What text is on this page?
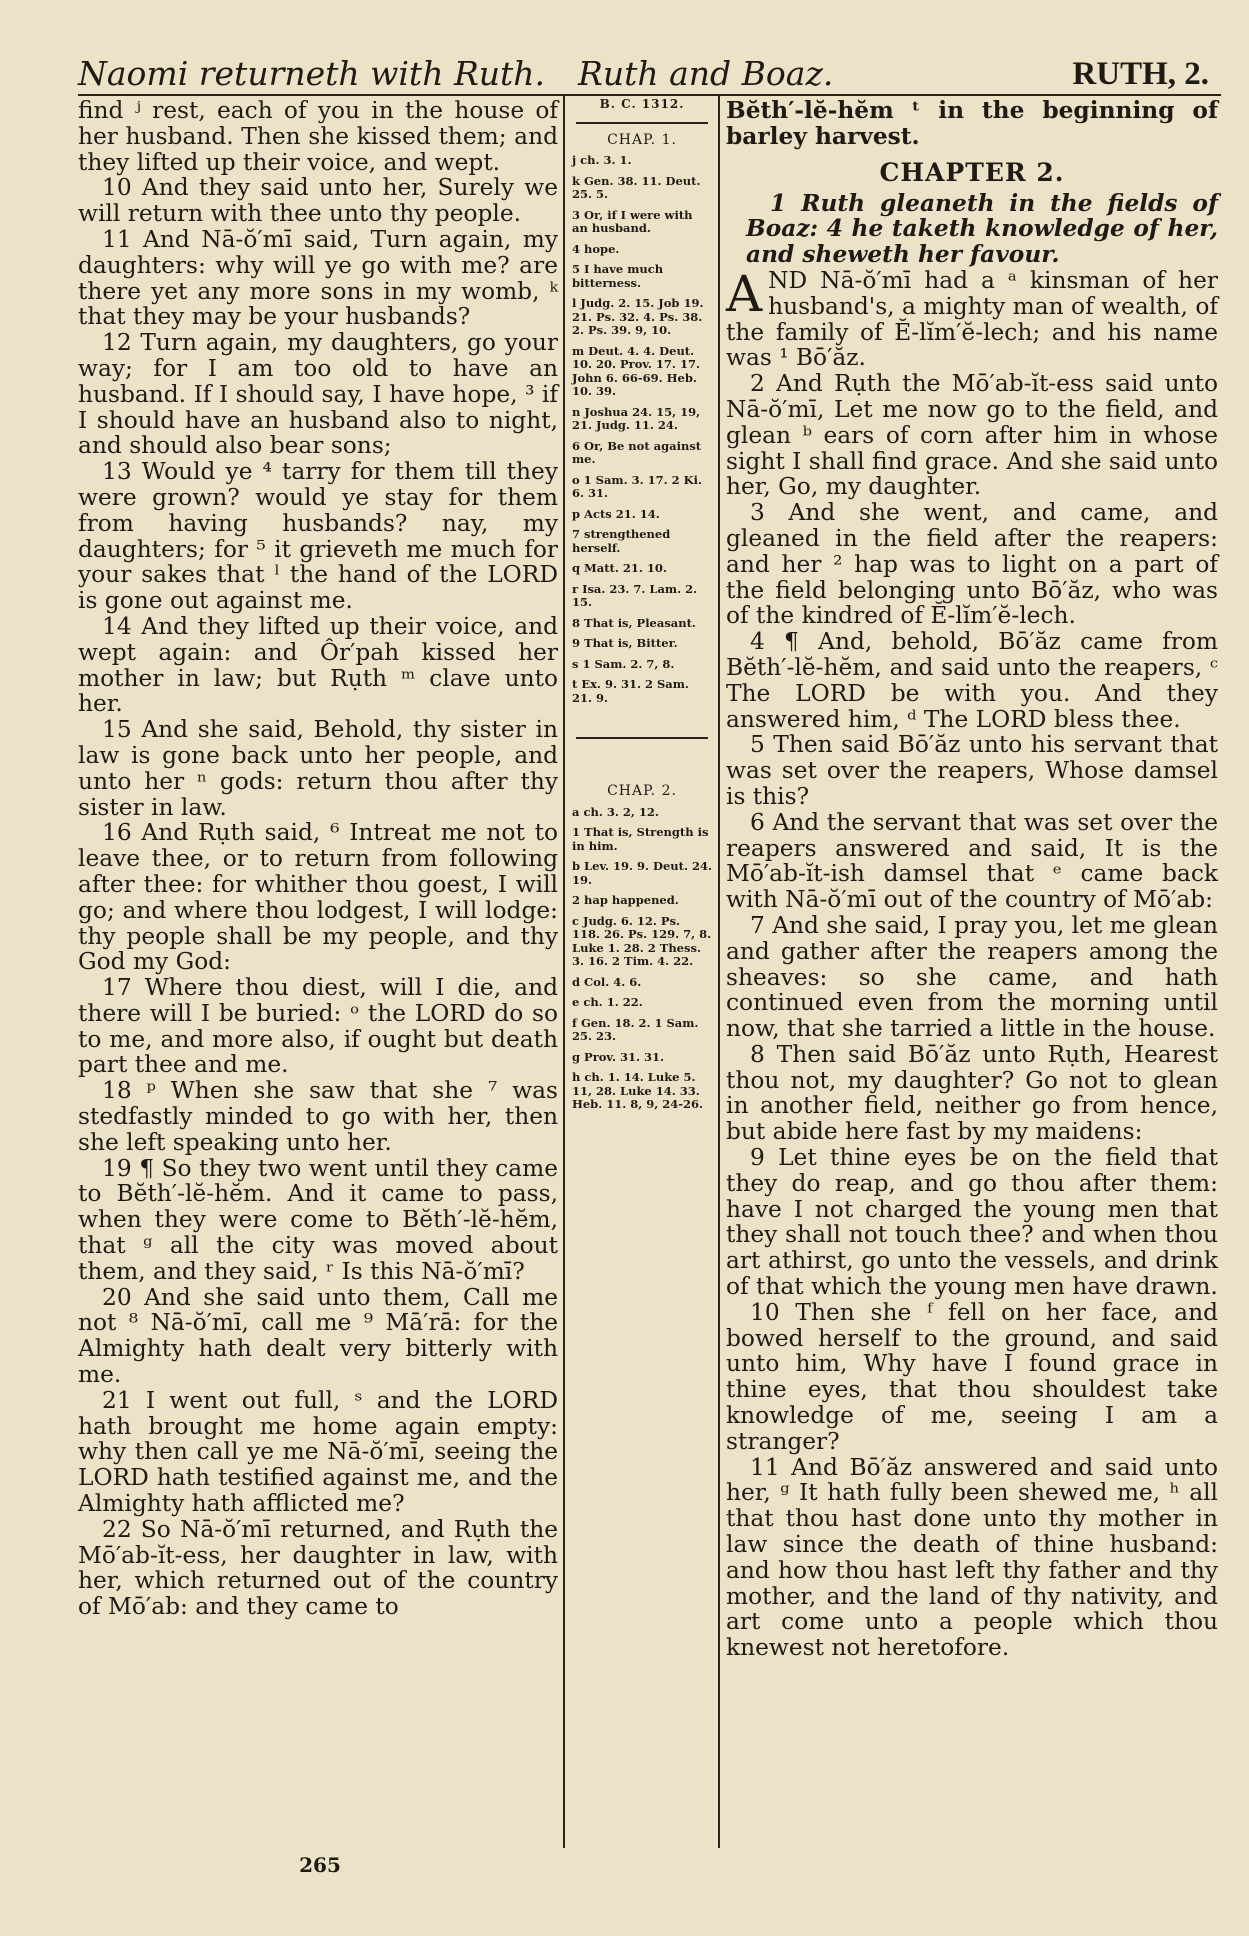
Naomi returneth with Ruth. Ruth and Boaz.	RUTH, 2.

find ʲ rest, each of you in the house of her husband. Then she kissed them; and they lifted up their voice, and wept.

10 And they said unto her, Surely we will return with thee unto thy people.

11 And Nā-ŏ′mī said, Turn again, my daughters: why will ye go with me? are there yet any more sons in my womb, ᵏ that they may be your husbands?

12 Turn again, my daughters, go your way; for I am too old to have an husband. If I should say, I have hope, ³ if I should have an husband also to night, and should also bear sons;

13 Would ye ⁴ tarry for them till they were grown? would ye stay for them from having husbands? nay, my daughters; for ⁵ it grieveth me much for your sakes that ˡ the hand of the LORD is gone out against me.

14 And they lifted up their voice, and wept again: and Ôr′pah kissed her mother in law; but Rụth ᵐ clave unto her.

15 And she said, Behold, thy sister in law is gone back unto her people, and unto her ⁿ gods: return thou after thy sister in law.

16 And Rụth said, ⁶ Intreat me not to leave thee, or to return from following after thee: for whither thou goest, I will go; and where thou lodgest, I will lodge: thy people shall be my people, and thy God my God:

17 Where thou diest, will I die, and there will I be buried: ᵒ the LORD do so to me, and more also, if ought but death part thee and me.

18 ᵖ When she saw that she ⁷ was stedfastly minded to go with her, then she left speaking unto her.

19 ¶ So they two went until they came to Bĕth′-lĕ-hĕm. And it came to pass, when they were come to Bĕth′-lĕ-hĕm, that ᵍ all the city was moved about them, and they said, ʳ Is this Nā-ŏ′mī?

20 And she said unto them, Call me not ⁸ Nā-ŏ′mī, call me ⁹ Mā′rā: for the Almighty hath dealt very bitterly with me.

21 I went out full, ˢ and the LORD hath brought me home again empty: why then call ye me Nā-ŏ′mī, seeing the LORD hath testified against me, and the Almighty hath afflicted me?

22 So Nā-ŏ′mī returned, and Rụth the Mō′ab-ĭt-ess, her daughter in law, with her, which returned out of the country of Mō′ab: and they came to

B. C. 1312.
CHAP. 1.
j ch. 3. 1.
k Gen. 38. 11. Deut. 25. 5.
3 Or, if I were with an husband.
4 hope.
5 I have much bitterness.
l Judg. 2. 15. Job 19. 21. Ps. 32. 4. Ps. 38. 2. Ps. 39. 9, 10.
m Deut. 4. 4. Deut. 10. 20. Prov. 17. 17. John 6. 66-69. Heb. 10. 39.
n Joshua 24. 15, 19, 21. Judg. 11. 24.
6 Or, Be not against me.
o 1 Sam. 3. 17. 2 Ki. 6. 31.
p Acts 21. 14.
7 strengthened herself.
q Matt. 21. 10.
r Isa. 23. 7. Lam. 2. 15.
8 That is, Pleasant.
9 That is, Bitter.
s 1 Sam. 2. 7, 8.
t Ex. 9. 31. 2 Sam. 21. 9.
CHAP. 2.
a ch. 3. 2, 12.
1 That is, Strength is in him.
b Lev. 19. 9. Deut. 24. 19.
2 hap happened.
c Judg. 6. 12. Ps. 118. 26. Ps. 129. 7, 8. Luke 1. 28. 2 Thess. 3. 16. 2 Tim. 4. 22.
d Col. 4. 6.
e ch. 1. 22.
f Gen. 18. 2. 1 Sam. 25. 23.
g Prov. 31. 31.
h ch. 1. 14. Luke 5. 11, 28. Luke 14. 33. Heb. 11. 8, 9, 24-26.

Bĕth′-lĕ-hĕm ᵗ in the beginning of barley harvest.

CHAPTER 2.

1 Ruth gleaneth in the fields of Boaz: 4 he taketh knowledge of her, and sheweth her favour.

AND Nā-ŏ′mī had a ᵃ kinsman of her husband's, a mighty man of wealth, of the family of Ĕ-lĭm′ĕ-lech; and his name was ¹ Bō′ăz.

2 And Rụth the Mō′ab-ĭt-ess said unto Nā-ŏ′mī, Let me now go to the field, and glean ᵇ ears of corn after him in whose sight I shall find grace. And she said unto her, Go, my daughter.

3 And she went, and came, and gleaned in the field after the reapers: and her ² hap was to light on a part of the field belonging unto Bō′ăz, who was of the kindred of Ĕ-lĭm′ĕ-lech.

4 ¶ And, behold, Bō′ăz came from Bĕth′-lĕ-hĕm, and said unto the reapers, ᶜ The LORD be with you. And they answered him, ᵈ The LORD bless thee.

5 Then said Bō′ăz unto his servant that was set over the reapers, Whose damsel is this?

6 And the servant that was set over the reapers answered and said, It is the Mō′ab-ĭt-ish damsel that ᵉ came back with Nā-ŏ′mī out of the country of Mō′ab:

7 And she said, I pray you, let me glean and gather after the reapers among the sheaves: so she came, and hath continued even from the morning until now, that she tarried a little in the house.

8 Then said Bō′ăz unto Rụth, Hearest thou not, my daughter? Go not to glean in another field, neither go from hence, but abide here fast by my maidens:

9 Let thine eyes be on the field that they do reap, and go thou after them: have I not charged the young men that they shall not touch thee? and when thou art athirst, go unto the vessels, and drink of that which the young men have drawn.

10 Then she ᶠ fell on her face, and bowed herself to the ground, and said unto him, Why have I found grace in thine eyes, that thou shouldest take knowledge of me, seeing I am a stranger?

11 And Bō′ăz answered and said unto her, ᵍ It hath fully been shewed me, ʰ all that thou hast done unto thy mother in law since the death of thine husband: and how thou hast left thy father and thy mother, and the land of thy nativity, and art come unto a people which thou knewest not heretofore.

265
